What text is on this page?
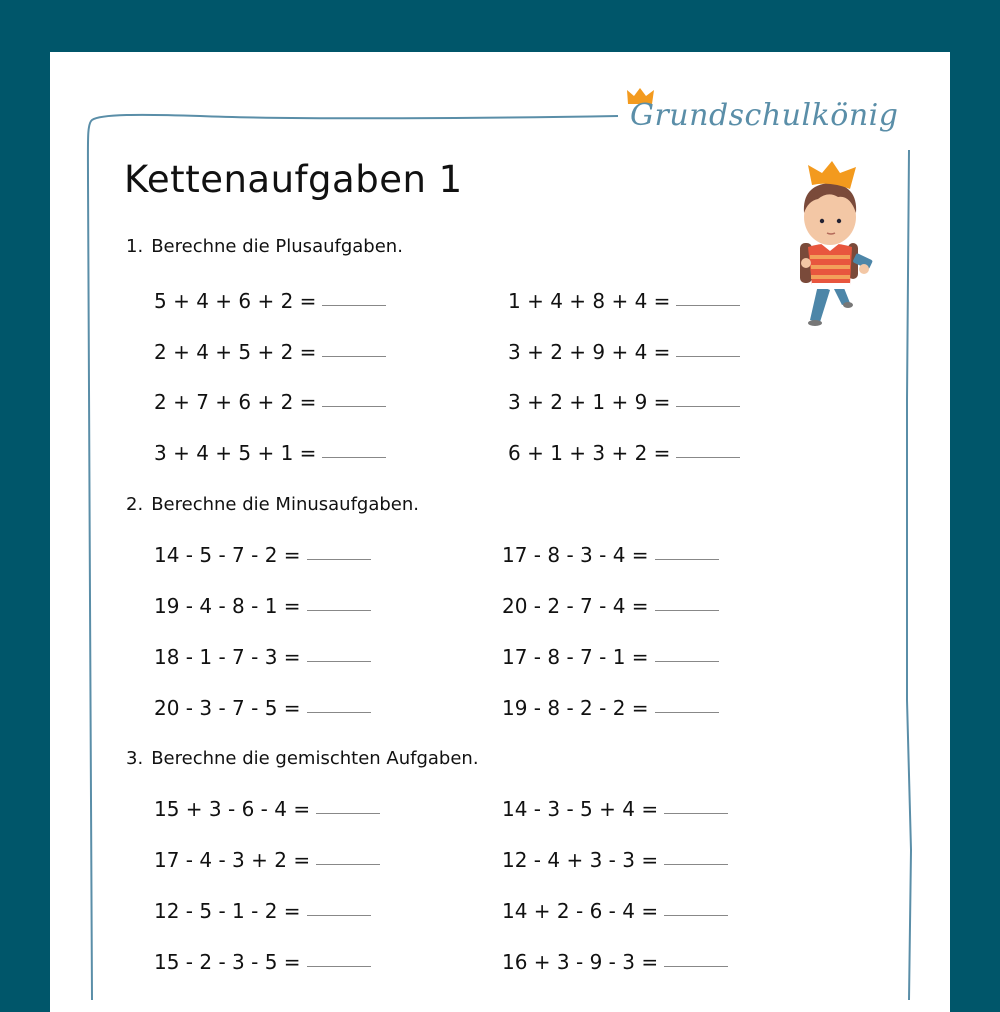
Grundschulkönig
Kettenaufgaben 1
1. Berechne die Plusaufgaben.
5 + 4 + 6 + 2 =
2 + 4 + 5 + 2 =
2 + 7 + 6 + 2 =
3 + 4 + 5 + 1 =
1 + 4 + 8 + 4 =
3 + 2 + 9 + 4 =
3 + 2 + 1 + 9 =
6 + 1 + 3 + 2 =
2. Berechne die Minusaufgaben.
14 - 5 - 7 - 2 =
19 - 4 - 8 - 1 =
18 - 1 - 7 - 3 =
20 - 3 - 7 - 5 =
17 - 8 - 3 - 4 =
20 - 2 - 7 - 4 =
17 - 8 - 7 - 1 =
19 - 8 - 2 - 2 =
3. Berechne die gemischten Aufgaben.
15 + 3 - 6 - 4 =
17 - 4 - 3 + 2 =
12 - 5 - 1 - 2 =
15 - 2 - 3 - 5 =
14 - 3 - 5 + 4 =
12 - 4 + 3 - 3 =
14 + 2 - 6 - 4 =
16 + 3 - 9 - 3 =
